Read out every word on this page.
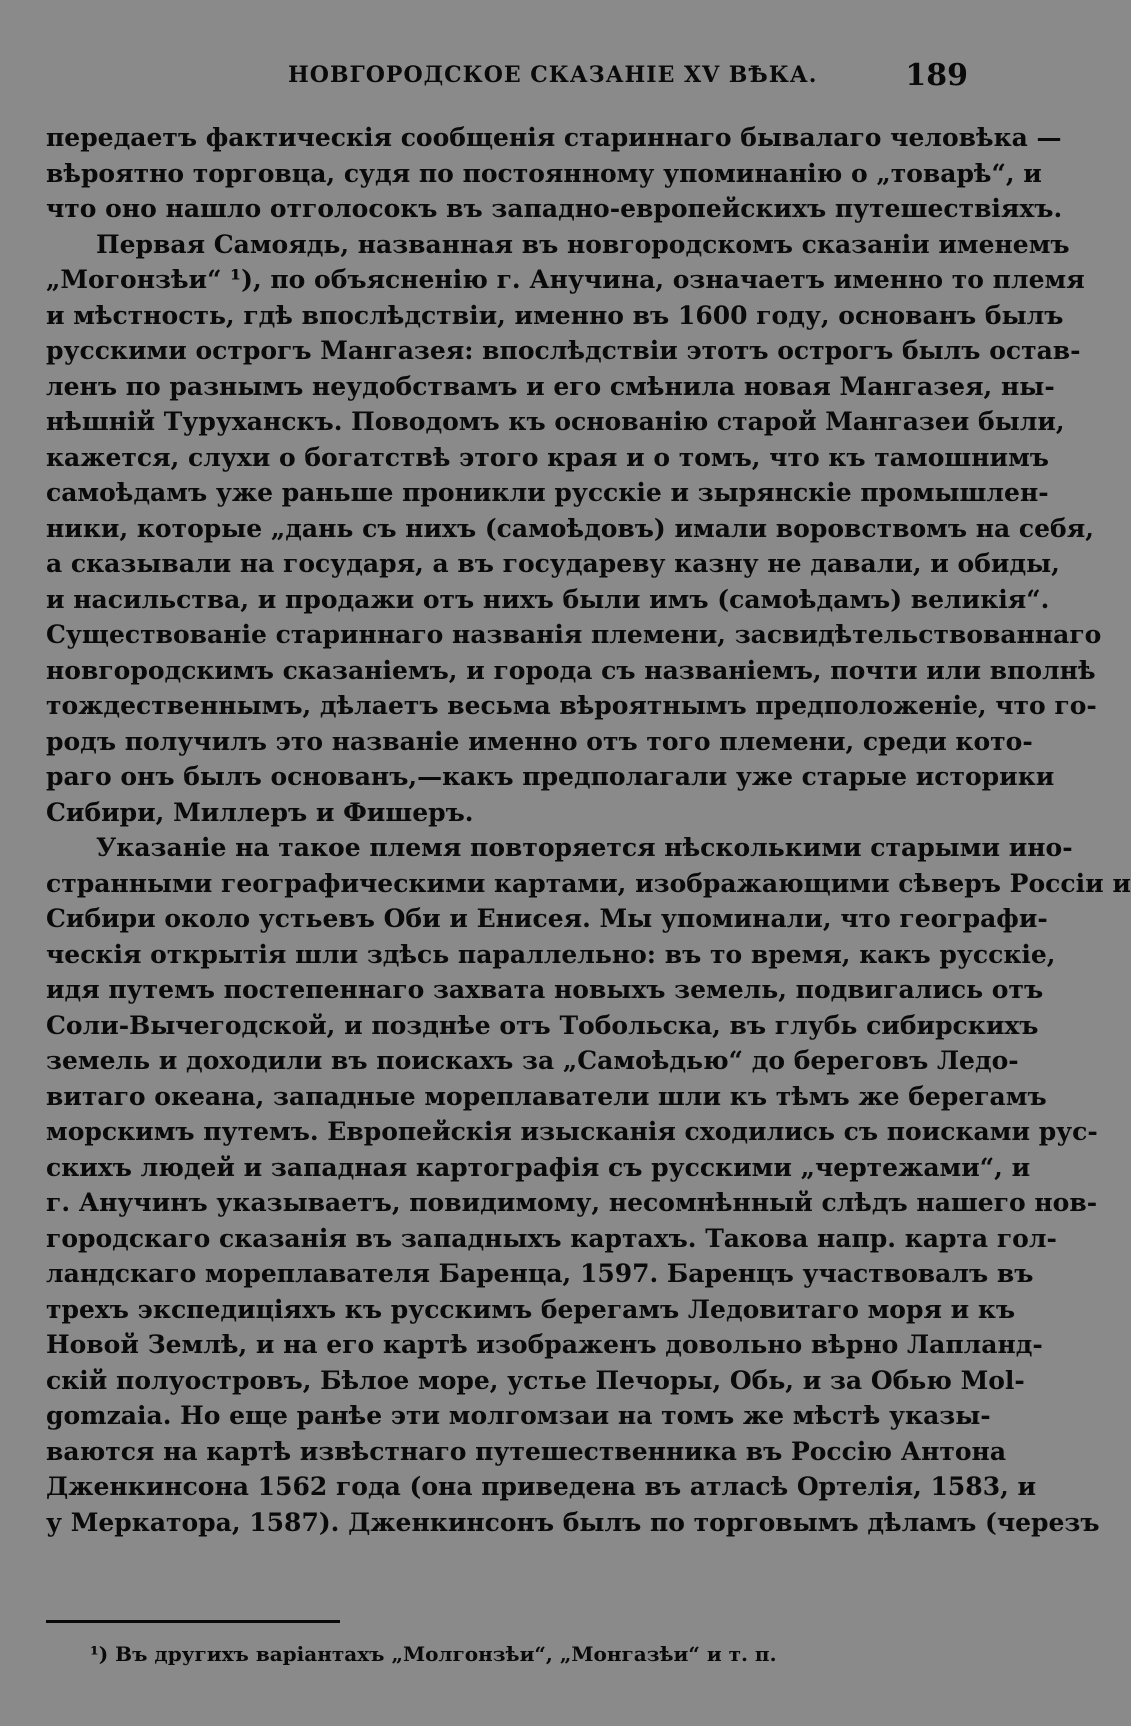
НОВГОРОДСКОЕ СКАЗАНІЕ XV ВѢКА.	189
передаетъ фактическія сообщенія стариннаго бывалаго человѣка —
вѣроятно торговца, судя по постоянному упоминанію о „товарѣ“, и
что оно нашло отголосокъ въ западно-европейскихъ путешествіяхъ.
Первая Самоядь, названная въ новгородскомъ сказаніи именемъ
„Могонзѣи“ ¹), по объясненію г. Анучина, означаетъ именно то племя
и мѣстность, гдѣ впослѣдствіи, именно въ 1600 году, основанъ былъ
русскими острогъ Мангазея: впослѣдствіи этотъ острогъ былъ остав-
ленъ по разнымъ неудобствамъ и его смѣнила новая Мангазея, ны-
нѣшній Туруханскъ. Поводомъ къ основанію старой Мангазеи были,
кажется, слухи о богатствѣ этого края и о томъ, что къ тамошнимъ
самоѣдамъ уже раньше проникли русскіе и зырянскіе промышлен-
ники, которые „дань съ нихъ (самоѣдовъ) имали воровствомъ на себя,
а сказывали на государя, а въ государеву казну не давали, и обиды,
и насильства, и продажи отъ нихъ были имъ (самоѣдамъ) великія“.
Существованіе стариннаго названія племени, засвидѣтельствованнаго
новгородскимъ сказаніемъ, и города съ названіемъ, почти или вполнѣ
тождественнымъ, дѣлаетъ весьма вѣроятнымъ предположеніе, что го-
родъ получилъ это названіе именно отъ того племени, среди кото-
раго онъ былъ основанъ,—какъ предполагали уже старые историки
Сибири, Миллеръ и Фишеръ.
Указаніе на такое племя повторяется нѣсколькими старыми ино-
странными географическими картами, изображающими сѣверъ Россіи и
Сибири около устьевъ Оби и Енисея. Мы упоминали, что географи-
ческія открытія шли здѣсь параллельно: въ то время, какъ русскіе,
идя путемъ постепеннаго захвата новыхъ земель, подвигались отъ
Соли-Вычегодской, и позднѣе отъ Тобольска, въ глубь сибирскихъ
земель и доходили въ поискахъ за „Самоѣдью“ до береговъ Ледо-
витаго океана, западные мореплаватели шли къ тѣмъ же берегамъ
морскимъ путемъ. Европейскія изысканія сходились съ поисками рус-
скихъ людей и западная картографія съ русскими „чертежами“, и
г. Анучинъ указываетъ, повидимому, несомнѣнный слѣдъ нашего нов-
городскаго сказанія въ западныхъ картахъ. Такова напр. карта гол-
ландскаго мореплавателя Баренца, 1597. Баренцъ участвовалъ въ
трехъ экспедиціяхъ къ русскимъ берегамъ Ледовитаго моря и къ
Новой Землѣ, и на его картѣ изображенъ довольно вѣрно Лапланд-
скій полуостровъ, Бѣлое море, устье Печоры, Обь, и за Обью Mol-
gomzaia. Но еще ранѣе эти молгомзаи на томъ же мѣстѣ указы-
ваются на картѣ извѣстнаго путешественника въ Россію Антона
Дженкинсона 1562 года (она приведена въ атласѣ Ортелія, 1583, и
у Меркатора, 1587). Дженкинсонъ былъ по торговымъ дѣламъ (черезъ
¹) Въ другихъ варіантахъ „Молгонзѣи“, „Монгазѣи“ и т. п.
